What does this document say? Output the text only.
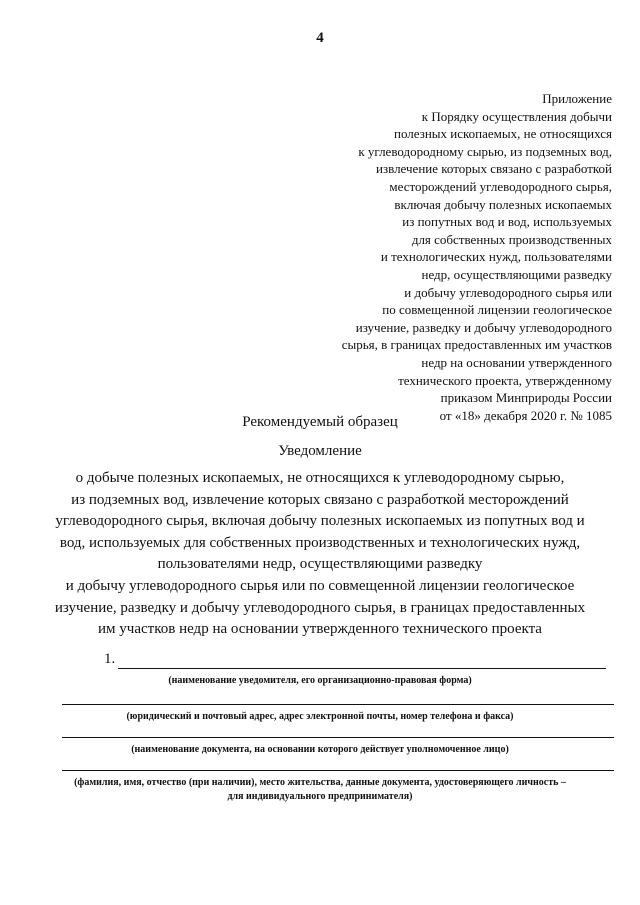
4
Приложение
к Порядку осуществления добычи
полезных ископаемых, не относящихся
к углеводородному сырью, из подземных вод,
извлечение которых связано с разработкой
месторождений углеводородного сырья,
включая добычу полезных ископаемых
из попутных вод и вод, используемых
для собственных производственных
и технологических нужд, пользователями
недр, осуществляющими разведку
и добычу углеводородного сырья или
по совмещенной лицензии геологическое
изучение, разведку и добычу углеводородного
сырья, в границах предоставленных им участков
недр на основании утвержденного
технического проекта, утвержденному
приказом Минприроды России
от «18» декабря 2020 г. № 1085
Рекомендуемый образец
Уведомление
о добыче полезных ископаемых, не относящихся к углеводородному сырью,
из подземных вод, извлечение которых связано с разработкой месторождений
углеводородного сырья, включая добычу полезных ископаемых из попутных вод и
вод, используемых для собственных производственных и технологических нужд,
пользователями недр, осуществляющими разведку
и добычу углеводородного сырья или по совмещенной лицензии геологическое
изучение, разведку и добычу углеводородного сырья, в границах предоставленных
им участков недр на основании утвержденного технического проекта
1.
(наименование уведомителя, его организационно-правовая форма)
(юридический и почтовый адрес, адрес электронной почты, номер телефона и факса)
(наименование документа, на основании которого действует уполномоченное лицо)
(фамилия, имя, отчество (при наличии), место жительства, данные документа, удостоверяющего личность –
для индивидуального предпринимателя)
